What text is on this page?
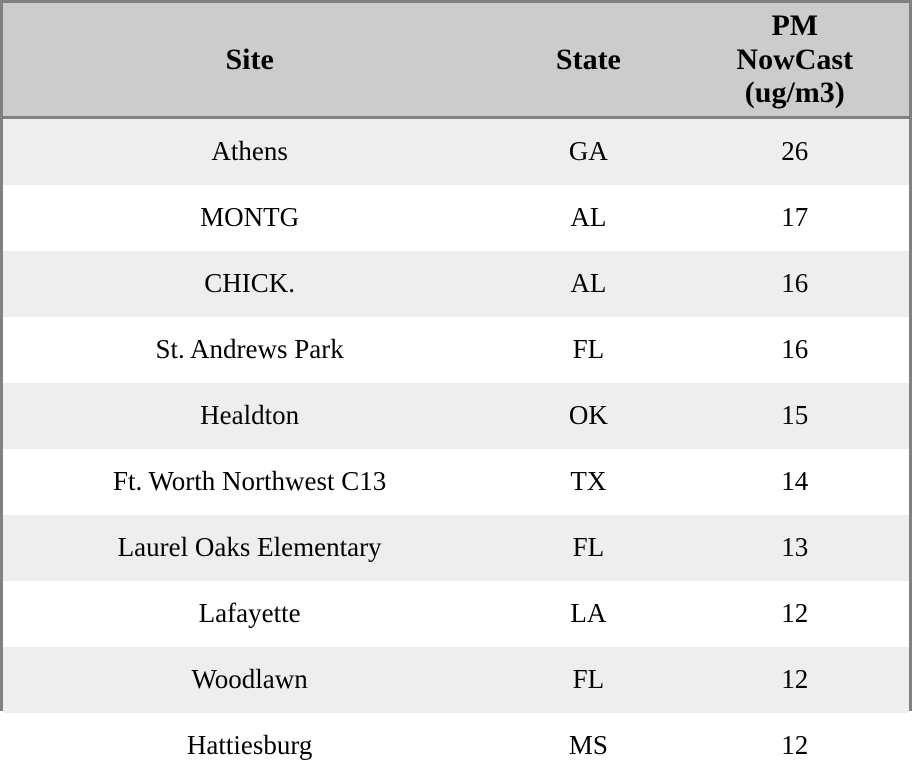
Site	State	PM
NowCast
(ug/m3)

Athens	GA	26
MONTG	AL	17
CHICK.	AL	16
St. Andrews Park	FL	16
Healdton	OK	15
Ft. Worth Northwest C13	TX	14
Laurel Oaks Elementary	FL	13
Lafayette	LA	12
Woodlawn	FL	12
Hattiesburg	MS	12
